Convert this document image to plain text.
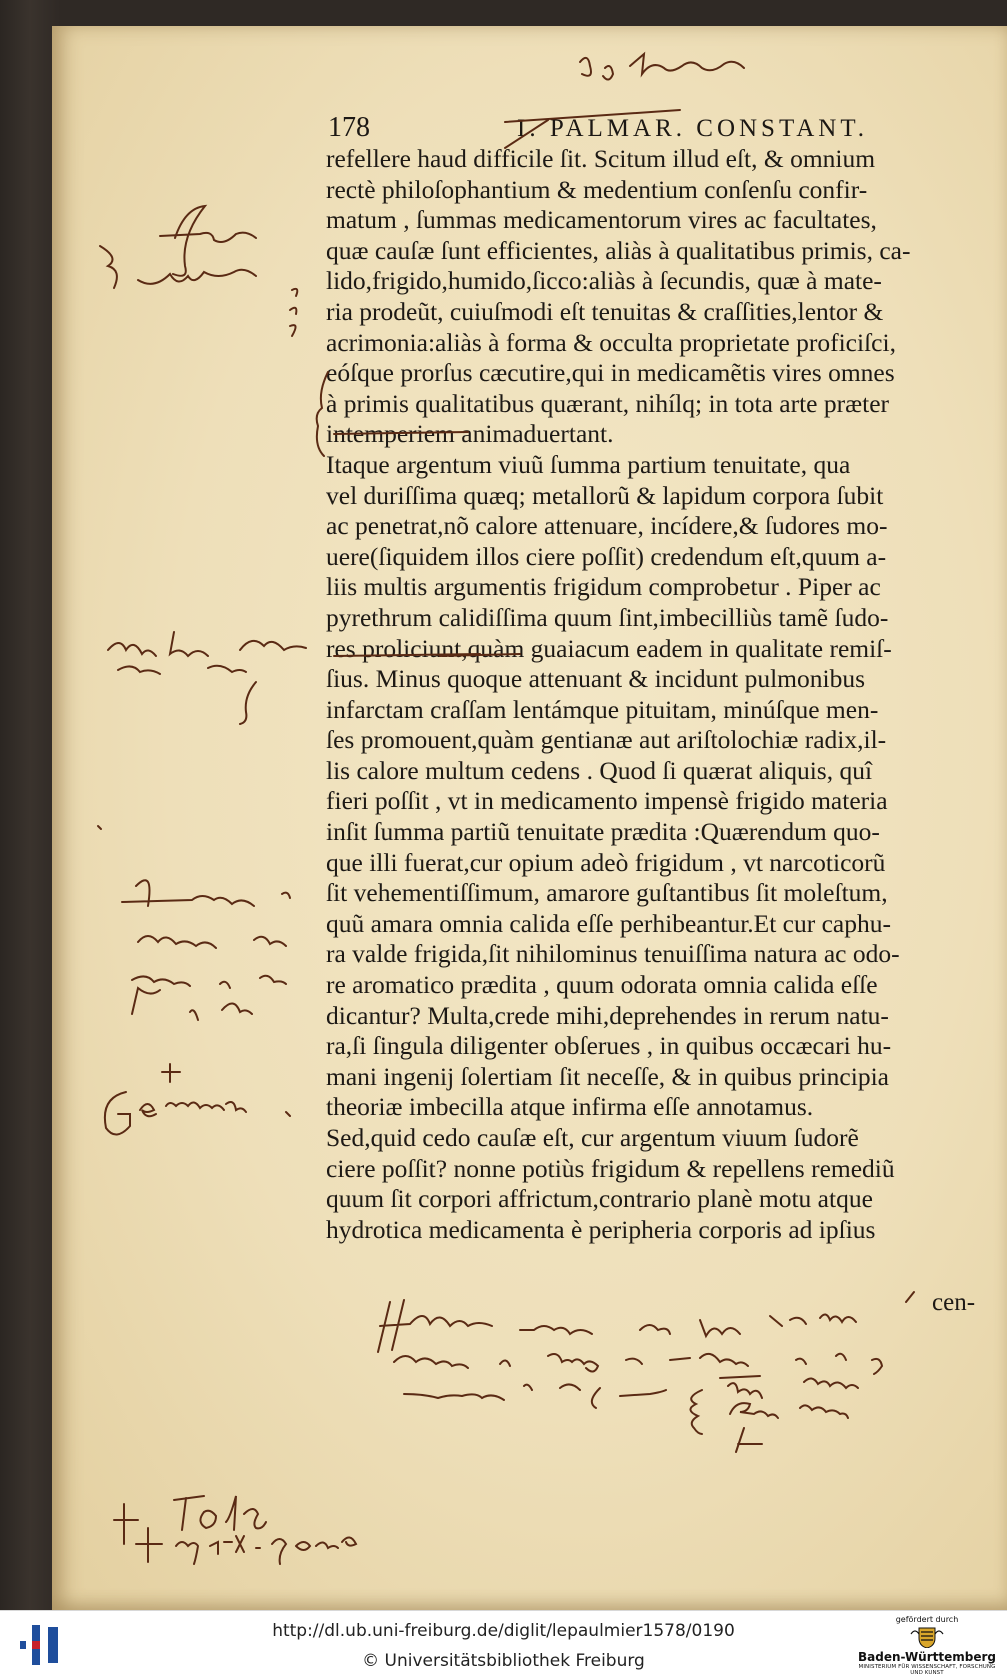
178	I. PALMAR. CONSTANT.

refellere haud difficile ſit. Scitum illud eſt, & omnium
rectè philoſophantium & medentium conſenſu confir-
matum , ſummas medicamentorum vires ac facultates,
quæ cauſæ ſunt efficientes, aliàs à qualitatibus primis, ca-
lido,frigido,humido,ſicco:aliàs à ſecundis, quæ à mate-
ria prodeũt, cuiuſmodi eſt tenuitas & craſſities,lentor &
acrimonia:aliàs à forma & occulta proprietate proficiſci,
eóſque prorſus cæcutire,qui in medicamẽtis vires omnes
à primis qualitatibus quærant, nihílq; in tota arte præter
intemperiem animaduertant.
Itaque argentum viuũ ſumma partium tenuitate, qua
vel duriſſima quæq; metallorũ & lapidum corpora ſubit
ac penetrat,nõ calore attenuare, incídere,& ſudores mo-
uere(ſiquidem illos ciere poſſit) credendum eſt,quum a-
liis multis argumentis frigidum comprobetur . Piper ac
pyrethrum calidiſſima quum ſint,imbecilliùs tamẽ ſudo-
res proliciunt,quàm guaiacum eadem in qualitate remiſ-
ſius. Minus quoque attenuant & incidunt pulmonibus
infarctam craſſam lentámque pituitam, minúſque men-
ſes promouent,quàm gentianæ aut ariſtolochiæ radix,il-
lis calore multum cedens . Quod ſi quærat aliquis, quî
fieri poſſit , vt in medicamento impensè frigido materia
inſit ſumma partiũ tenuitate prædita :Quærendum quo-
que illi fuerat,cur opium adeò frigidum , vt narcoticorũ
ſit vehementiſſimum, amarore guſtantibus ſit moleſtum,
quũ amara omnia calida eſſe perhibeantur.Et cur caphu-
ra valde frigida,ſit nihilominus tenuiſſima natura ac odo-
re aromatico prædita , quum odorata omnia calida eſſe
dicantur? Multa,crede mihi,deprehendes in rerum natu-
ra,ſi ſingula diligenter obſerues , in quibus occæcari hu-
mani ingenij ſolertiam ſit neceſſe, & in quibus principia
theoriæ imbecilla atque infirma eſſe annotamus.
Sed,quid cedo cauſæ eſt, cur argentum viuum ſudorẽ
ciere poſſit? nonne potiùs frigidum & repellens remediũ
quum ſit corpori affrictum,contrario planè motu atque
hydrotica medicamenta è peripheria corporis ad ipſius

cen-
http://dl.ub.uni-freiburg.de/diglit/lepaulmier1578/0190
© Universitätsbibliothek Freiburg
gefördert durch
Baden-Württemberg
MINISTERIUM FÜR WISSENSCHAFT, FORSCHUNG UND KUNST
